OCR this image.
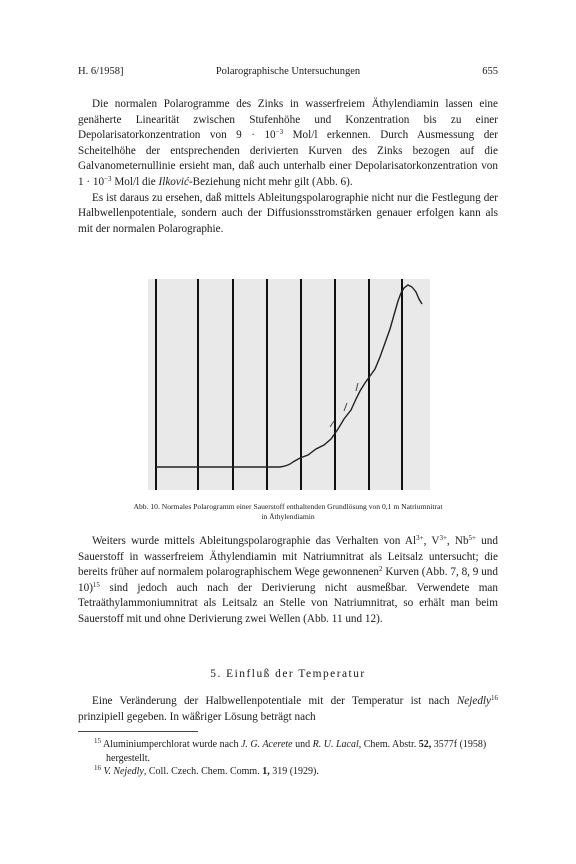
H. 6/1958]	Polarographische Untersuchungen	655

Die normalen Polarogramme des Zinks in wasserfreiem Äthylendiamin lassen eine genäherte Linearität zwischen Stufenhöhe und Konzentration bis zu einer Depolarisatorkonzentration von $9 \cdot 10^{-3}$ Mol/l erkennen. Durch Ausmessung der Scheitelhöhe der entsprechenden derivierten Kurven des Zinks bezogen auf die Galvanometernullinie ersieht man, daß auch unterhalb einer Depolarisatorkonzentration von $1 \cdot 10^{-3}$ Mol/l die Ilković-Beziehung nicht mehr gilt (Abb. 6).

Es ist daraus zu ersehen, daß mittels Ableitungspolarographie nicht nur die Festlegung der Halbwellenpotentiale, sondern auch der Diffusionsstromstärken genauer erfolgen kann als mit der normalen Polarographie.

Abb. 10. Normales Polarogramm einer Sauerstoff enthaltenden Grundlösung von 0,1 m Natriumnitrat
in Äthylendiamin

Weiters wurde mittels Ableitungspolarographie das Verhalten von $Al^{3+}$, $V^{3+}$, $Nb^{5+}$ und Sauerstoff in wasserfreiem Äthylendiamin mit Natriumnitrat als Leitsalz untersucht; die bereits früher auf normalem polarographischem Wege gewonnenen$^2$ Kurven (Abb. 7, 8, 9 und 10)$^{15}$ sind jedoch auch nach der Derivierung nicht ausmeßbar. Verwendete man Tetraäthylammoniumnitrat als Leitsalz an Stelle von Natriumnitrat, so erhält man beim Sauerstoff mit und ohne Derivierung zwei Wellen (Abb. 11 und 12).

5. Einfluß der Temperatur

Eine Veränderung der Halbwellenpotentiale mit der Temperatur ist nach Nejedly$^{16}$ prinzipiell gegeben. In wäßriger Lösung beträgt nach

$^{15}$ Aluminiumperchlorat wurde nach J. G. Acerete und R. U. Lacal, Chem. Abstr. 52, 3577f (1958) hergestellt.

$^{16}$ V. Nejedly, Coll. Czech. Chem. Comm. 1, 319 (1929).
